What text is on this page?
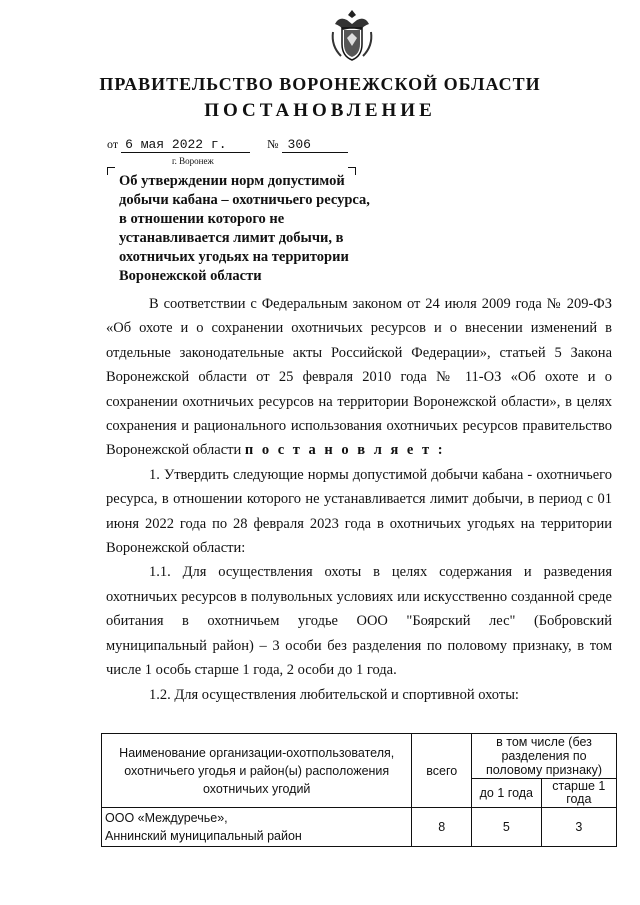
ПРАВИТЕЛЬСТВО ВОРОНЕЖСКОЙ ОБЛАСТИ
ПОСТАНОВЛЕНИЕ
от 6 мая 2022 г.	№ 306
г. Воронеж
Об утверждении норм допустимой добычи кабана – охотничьего ресурса, в отношении которого не устанавливается лимит добычи, в охотничьих угодьях на территории Воронежской области

В соответствии с Федеральным законом от 24 июля 2009 года № 209-ФЗ «Об охоте и о сохранении охотничьих ресурсов и о внесении изменений в отдельные законодательные акты Российской Федерации», статьей 5 Закона Воронежской области от 25 февраля 2010 года № 11-ОЗ «Об охоте и о сохранении охотничьих ресурсов на территории Воронежской области», в целях сохранения и рационального использования охотничьих ресурсов правительство Воронежской области п о с т а н о в л я е т :

1. Утвердить следующие нормы допустимой добычи кабана - охотничьего ресурса, в отношении которого не устанавливается лимит добычи, в период с 01 июня 2022 года по 28 февраля 2023 года в охотничьих угодьях на территории Воронежской области:

1.1. Для осуществления охоты в целях содержания и разведения охотничьих ресурсов в полувольных условиях или искусственно созданной среде обитания в охотничьем угодье ООО "Боярский лес" (Бобровский муниципальный район) – 3 особи без разделения по половому признаку, в том числе 1 особь старше 1 года, 2 особи до 1 года.

1.2. Для осуществления любительской и спортивной охоты:

Наименование организации-охотпользователя, охотничьего угодья и район(ы) расположения охотничьих угодий	всего	в том числе (без разделения по половому признаку)	
		до 1 года	старше 1 года

ООО «Междуречье»,
Аннинский муниципальный район	8	5	3
